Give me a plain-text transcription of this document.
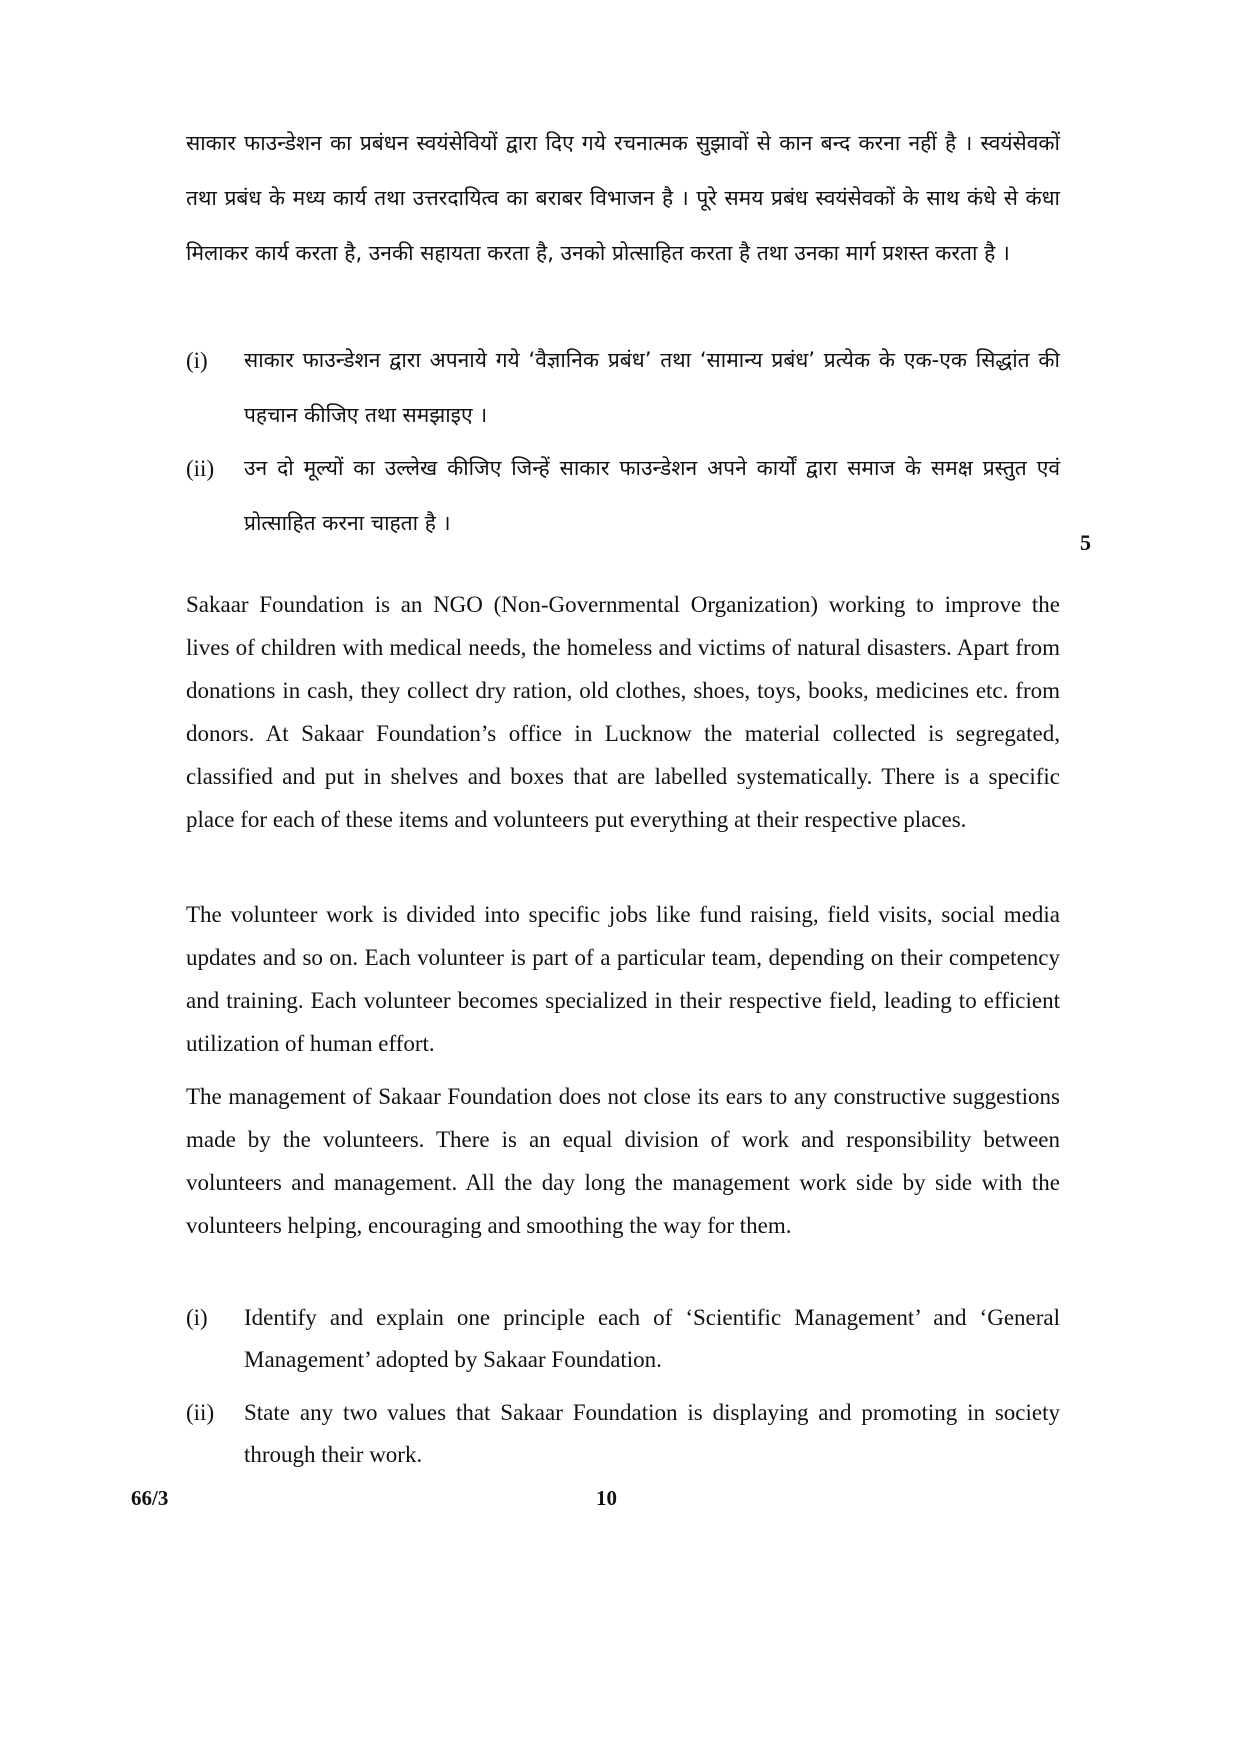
साकार फाउन्डेशन का प्रबंधन स्वयंसेवियों द्वारा दिए गये रचनात्मक सुझावों से कान बन्द करना नहीं है । स्वयंसेवकों तथा प्रबंध के मध्य कार्य तथा उत्तरदायित्व का बराबर विभाजन है । पूरे समय प्रबंध स्वयंसेवकों के साथ कंधे से कंधा मिलाकर कार्य करता है, उनकी सहायता करता है, उनको प्रोत्साहित करता है तथा उनका मार्ग प्रशस्त करता है ।

(i)	साकार फाउन्डेशन द्वारा अपनाये गये ‘वैज्ञानिक प्रबंध’ तथा ‘सामान्य प्रबंध’ प्रत्येक के एक-एक सिद्धांत की पहचान कीजिए तथा समझाइए ।
(ii)	उन दो मूल्यों का उल्लेख कीजिए जिन्हें साकार फाउन्डेशन अपने कार्यों द्वारा समाज के समक्ष प्रस्तुत एवं प्रोत्साहित करना चाहता है ।
5

Sakaar Foundation is an NGO (Non-Governmental Organization) working to improve the lives of children with medical needs, the homeless and victims of natural disasters. Apart from donations in cash, they collect dry ration, old clothes, shoes, toys, books, medicines etc. from donors. At Sakaar Foundation’s office in Lucknow the material collected is segregated, classified and put in shelves and boxes that are labelled systematically. There is a specific place for each of these items and volunteers put everything at their respective places.

The volunteer work is divided into specific jobs like fund raising, field visits, social media updates and so on. Each volunteer is part of a particular team, depending on their competency and training. Each volunteer becomes specialized in their respective field, leading to efficient utilization of human effort.

The management of Sakaar Foundation does not close its ears to any constructive suggestions made by the volunteers. There is an equal division of work and responsibility between volunteers and management. All the day long the management work side by side with the volunteers helping, encouraging and smoothing the way for them.

(i)	Identify and explain one principle each of ‘Scientific Management’ and ‘General Management’ adopted by Sakaar Foundation.
(ii)	State any two values that Sakaar Foundation is displaying and promoting in society through their work.
66/3	10
